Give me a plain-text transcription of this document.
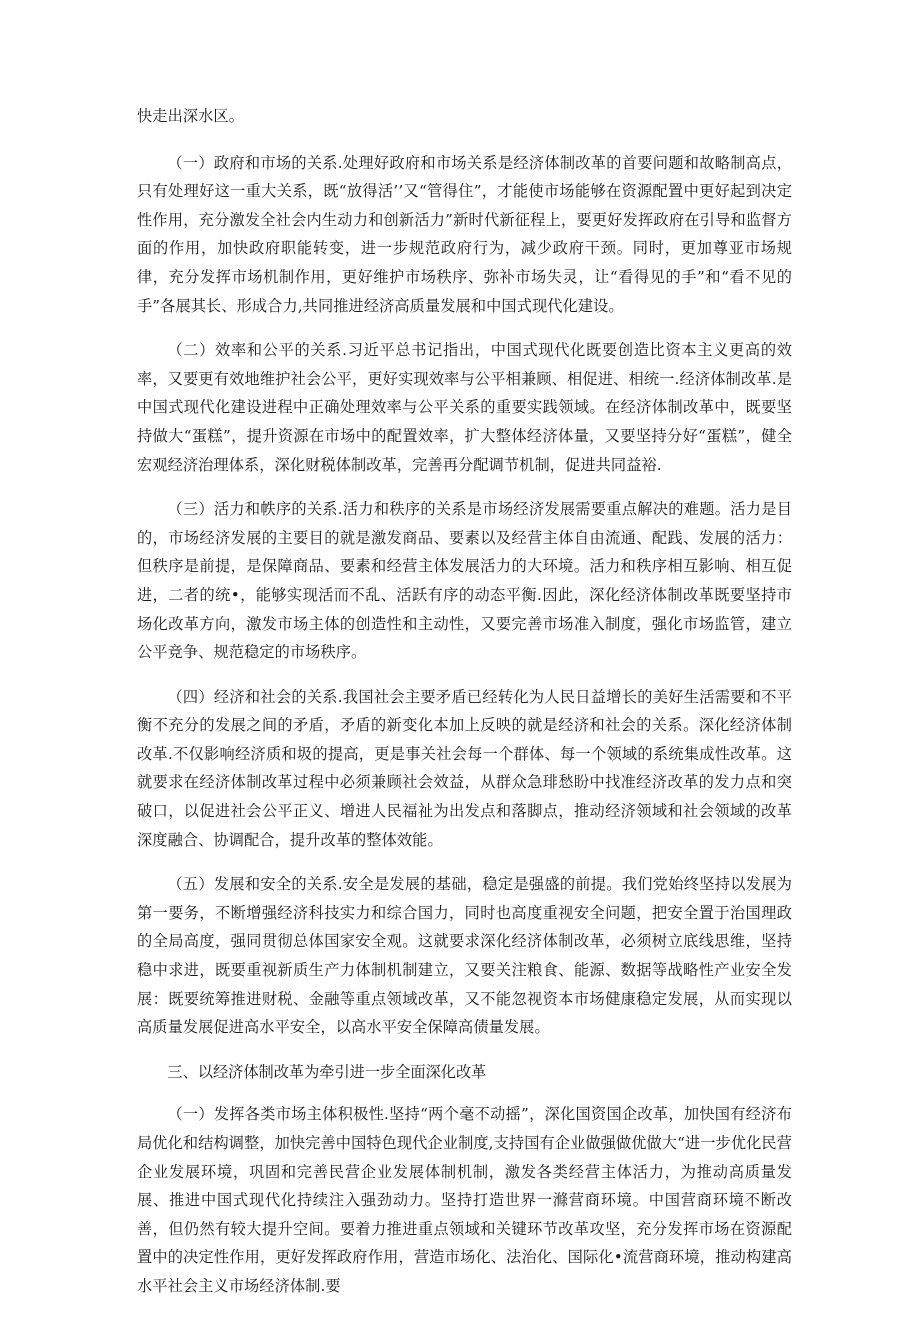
快走出深水区。

（一）政府和市场的关系.处理好政府和市场关系是经济体制改革的首要问题和故略制高点，只有处理好这一重大关系，既“放得活’’又“管得住”，才能使市场能够在资源配置中更好起到决定性作用，充分激发全社会内生动力和创新活力”新时代新征程上，要更好发挥政府在引导和监督方面的作用，加快政府职能转变，进一步规范政府行为，减少政府干颈。同时，更加尊亚市场规律，充分发挥市场机制作用，更好维护市场秩序、弥补市场失灵，让“看得见的手”和“看不见的手”各展其长、形成合力,共同推进经济高质量发展和中国式现代化建设。

（二）效率和公平的关系.习近平总书记指出，中国式现代化既要创造比资本主义更高的效率，又要更有效地维护社会公平，更好实现效率与公平相兼顾、相促进、相统一.经济体制改革.是中国式现代化建设进程中正确处理效率与公平关系的重要实践领域。在经济体制改革中，既要坚持做大“蛋糕”，提升资源在市场中的配置效率，扩大整体经济体量，又要坚持分好“蛋糕”，健全宏观经济治理体系，深化财税体制改革，完善再分配调节机制，促进共同益裕.

（三）活力和帙序的关系.活力和秩序的关系是市场经济发展需要重点解决的难题。活力是目的，市场经济发展的主要目的就是激发商品、要素以及经营主体自由流通、配践、发展的活力：但秩序是前提，是保障商品、要素和经营主体发展活力的大环境。活力和秩序相互影响、相互促进，二者的统•，能够实现活而不乱、活跃有序的动态平衡.因此，深化经济体制改革既要坚持市场化改革方向，激发市场主体的创造性和主动性，又要完善市场准入制度，强化市场监管，建立公平竞争、规范稳定的市场秩序。

（四）经济和社会的关系.我国社会主要矛盾已经转化为人民日益增长的美好生活需要和不平衡不充分的发展之间的矛盾，矛盾的新变化本加上反映的就是经济和社会的关系。深化经济体制改革.不仅影响经济质和圾的提高，更是事关社会每一个群体、每一个领域的系统集成性改革。这就要求在经济体制改革过程中必须兼顾社会效益，从群众急琲愁盼中找准经济改革的发力点和突破口，以促进社会公平正义、增进人民福祉为出发点和落脚点，推动经济领域和社会领域的改革深度融合、协调配合，提升改革的整体效能。

（五）发展和安全的关系.安全是发展的基础，稳定是强盛的前提。我们党始终坚持以发展为第一要务，不断增强经济科技实力和综合国力，同时也高度重视安全问题，把安全置于治国理政的全局高度，强同贯彻总体国家安全观。这就要求深化经济体制改革，必须树立底线思维，坚持稳中求进，既要重视新质生产力体制机制建立，又要关注粮食、能源、数据等战略性产业安全发展：既要统筹推进财税、金融等重点领域改革，又不能忽视资本市场健康稳定发展，从而实现以高质量发展促进高水平安全，以高水平安全保障高债量发展。

三、以经济体制改革为牵引进一步全面深化改革

（一）发挥各类市场主体积极性.坚持“两个毫不动摇”，深化国资国企改革，加快国有经济布局优化和结构调整，加快完善中国特色现代企业制度,支持国有企业做强做优做大“进一步优化民营企业发展环境，巩固和完善民营企业发展体制机制，激发各类经营主体活力，为推动高质量发展、推进中国式现代化持续注入强劲动力。坚持打造世界一滌营商环境。中国营商环境不断改善，但仍然有较大提升空间。要着力推进重点领域和关键环节改革攻坚，充分发挥市场在资源配置中的决定性作用，更好发挥政府作用，营造市场化、法治化、国际化•流营商环境，推动构建高水平社会主义市场经济体制.要
